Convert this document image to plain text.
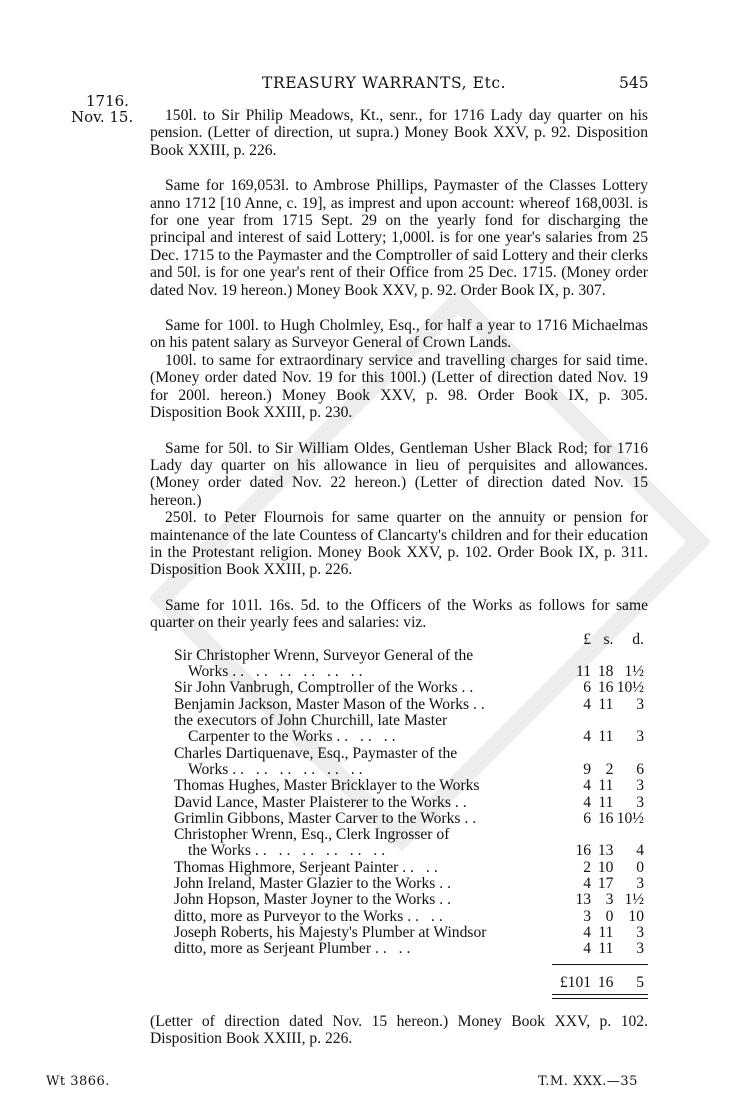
TREASURY WARRANTS, Etc.	545
1716.
Nov. 15.	150l. to Sir Philip Meadows, Kt., senr., for 1716 Lady day quarter on his pension. (Letter of direction, ut supra.) Money Book XXV, p. 92. Disposition Book XXIII, p. 226.

Same for 169,053l. to Ambrose Phillips, Paymaster of the Classes Lottery anno 1712 [10 Anne, c. 19], as imprest and upon account: whereof 168,003l. is for one year from 1715 Sept. 29 on the yearly fond for discharging the principal and interest of said Lottery; 1,000l. is for one year's salaries from 25 Dec. 1715 to the Paymaster and the Comptroller of said Lottery and their clerks and 50l. is for one year's rent of their Office from 25 Dec. 1715. (Money order dated Nov. 19 hereon.) Money Book XXV, p. 92. Order Book IX, p. 307.

Same for 100l. to Hugh Cholmley, Esq., for half a year to 1716 Michaelmas on his patent salary as Surveyor General of Crown Lands.

100l. to same for extraordinary service and travelling charges for said time. (Money order dated Nov. 19 for this 100l.) (Letter of direction dated Nov. 19 for 200l. hereon.) Money Book XXV, p. 98. Order Book IX, p. 305. Disposition Book XXIII, p. 230.

Same for 50l. to Sir William Oldes, Gentleman Usher Black Rod; for 1716 Lady day quarter on his allowance in lieu of perquisites and allowances. (Money order dated Nov. 22 hereon.) (Letter of direction dated Nov. 15 hereon.)

250l. to Peter Flournois for same quarter on the annuity or pension for maintenance of the late Countess of Clancarty's children and for their education in the Protestant religion. Money Book XXV, p. 102. Order Book IX, p. 311. Disposition Book XXIII, p. 226.

Same for 101l. 16s. 5d. to the Officers of the Works as follows for same quarter on their yearly fees and salaries: viz.
	£	s.	d.
Sir Christopher Wrenn, Surveyor General of the
Works .. .. .. .. .. ..	11	18	1½
Sir John Vanbrugh, Comptroller of the Works ..	6	16	10½
Benjamin Jackson, Master Mason of the Works ..	4	11	3
the executors of John Churchill, late Master
Carpenter to the Works .. .. ..	4	11	3
Charles Dartiquenave, Esq., Paymaster of the
Works .. .. .. .. .. ..	9	2	6
Thomas Hughes, Master Bricklayer to the Works	4	11	3
David Lance, Master Plaisterer to the Works ..	4	11	3
Grimlin Gibbons, Master Carver to the Works ..	6	16	10½
Christopher Wrenn, Esq., Clerk Ingrosser of
the Works .. .. .. .. .. ..	16	13	4
Thomas Highmore, Serjeant Painter .. ..	2	10	0
John Ireland, Master Glazier to the Works ..	4	17	3
John Hopson, Master Joyner to the Works ..	13	3	1½
ditto, more as Purveyor to the Works .. ..	3	0	10
Joseph Roberts, his Majesty's Plumber at Windsor	4	11	3
ditto, more as Serjeant Plumber .. ..	4	11	3

	£101	16	5

(Letter of direction dated Nov. 15 hereon.) Money Book XXV, p. 102. Disposition Book XXIII, p. 226.
Wt 3866.	T.M. XXX.—35
